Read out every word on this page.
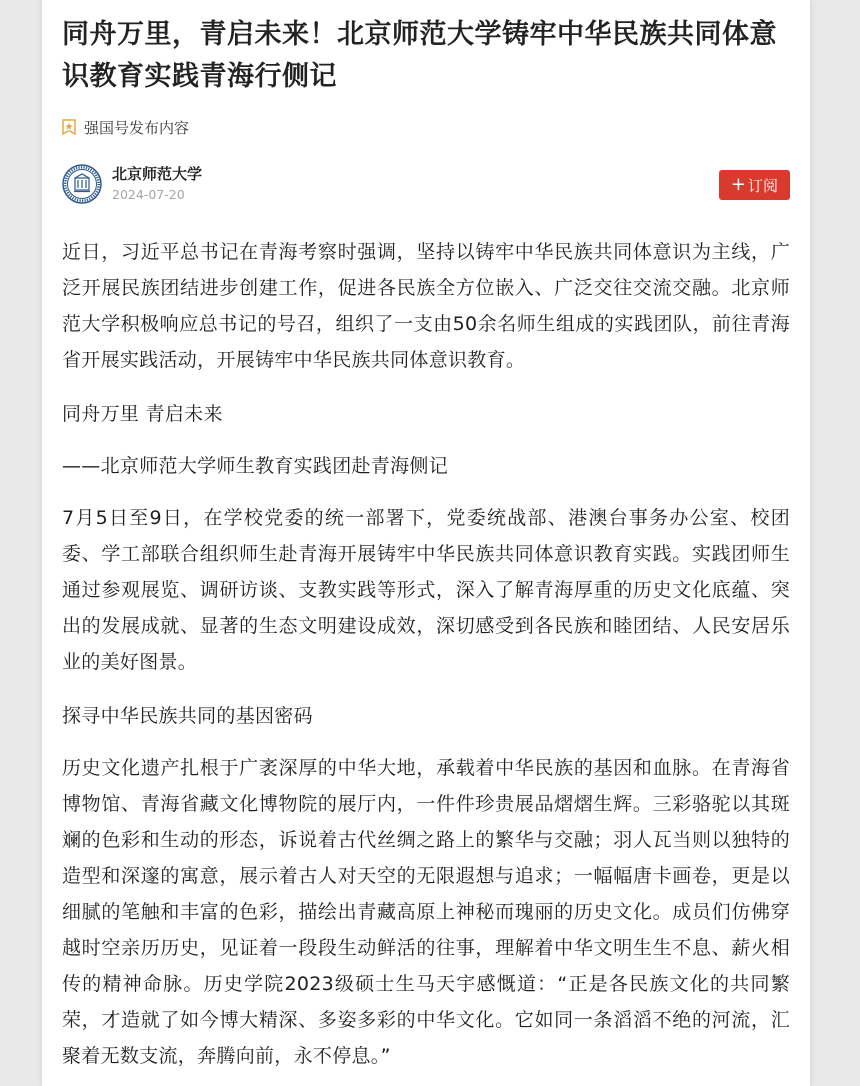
同舟万里，青启未来！北京师范大学铸牢中华民族共同体意识教育实践青海行侧记
强国号发布内容
北京师范大学
2024-07-20	+ 订阅

近日，习近平总书记在青海考察时强调，坚持以铸牢中华民族共同体意识为主线，广泛开展民族团结进步创建工作，促进各民族全方位嵌入、广泛交往交流交融。北京师范大学积极响应总书记的号召，组织了一支由50余名师生组成的实践团队，前往青海省开展实践活动，开展铸牢中华民族共同体意识教育。

同舟万里 青启未来

——北京师范大学师生教育实践团赴青海侧记

7月5日至9日，在学校党委的统一部署下，党委统战部、港澳台事务办公室、校团委、学工部联合组织师生赴青海开展铸牢中华民族共同体意识教育实践。实践团师生通过参观展览、调研访谈、支教实践等形式，深入了解青海厚重的历史文化底蕴、突出的发展成就、显著的生态文明建设成效，深切感受到各民族和睦团结、人民安居乐业的美好图景。

探寻中华民族共同的基因密码

历史文化遗产扎根于广袤深厚的中华大地，承载着中华民族的基因和血脉。在青海省博物馆、青海省藏文化博物院的展厅内，一件件珍贵展品熠熠生辉。三彩骆驼以其斑斓的色彩和生动的形态，诉说着古代丝绸之路上的繁华与交融；羽人瓦当则以独特的造型和深邃的寓意，展示着古人对天空的无限遐想与追求；一幅幅唐卡画卷，更是以细腻的笔触和丰富的色彩，描绘出青藏高原上神秘而瑰丽的历史文化。成员们仿佛穿越时空亲历历史，见证着一段段生动鲜活的往事，理解着中华文明生生不息、薪火相传的精神命脉。历史学院2023级硕士生马天宇感慨道：“正是各民族文化的共同繁荣，才造就了如今博大精深、多姿多彩的中华文化。它如同一条滔滔不绝的河流，汇聚着无数支流，奔腾向前，永不停息。”
